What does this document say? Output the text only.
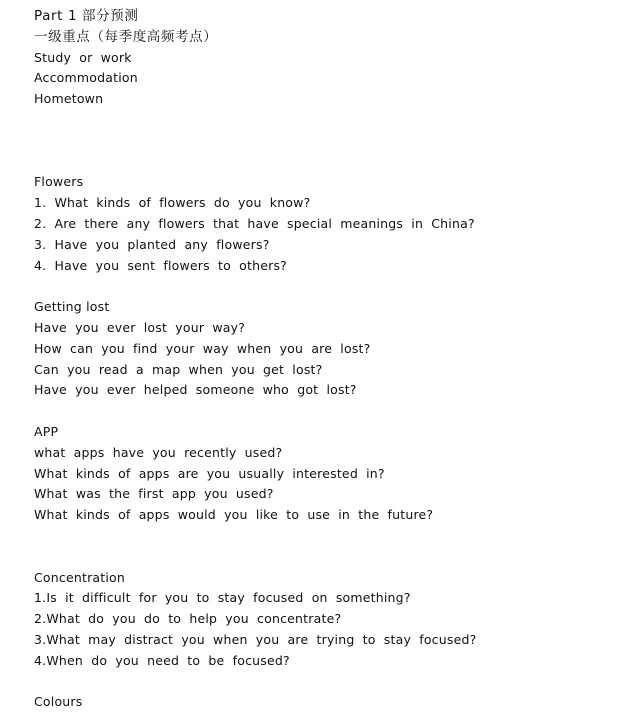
Part 1 部分预测
一级重点（每季度高频考点）
Study or work
Accommodation
Hometown
Flowers
1. What kinds of flowers do you know?
2. Are there any flowers that have special meanings in China?
3. Have you planted any flowers?
4. Have you sent flowers to others?
Getting lost
Have you ever lost your way?
How can you find your way when you are lost?
Can you read a map when you get lost?
Have you ever helped someone who got lost?
APP
what apps have you recently used?
What kinds of apps are you usually interested in?
What was the first app you used?
What kinds of apps would you like to use in the future?
Concentration
1.Is it difficult for you to stay focused on something?
2.What do you do to help you concentrate?
3.What may distract you when you are trying to stay focused?
4.When do you need to be focused?
Colours
